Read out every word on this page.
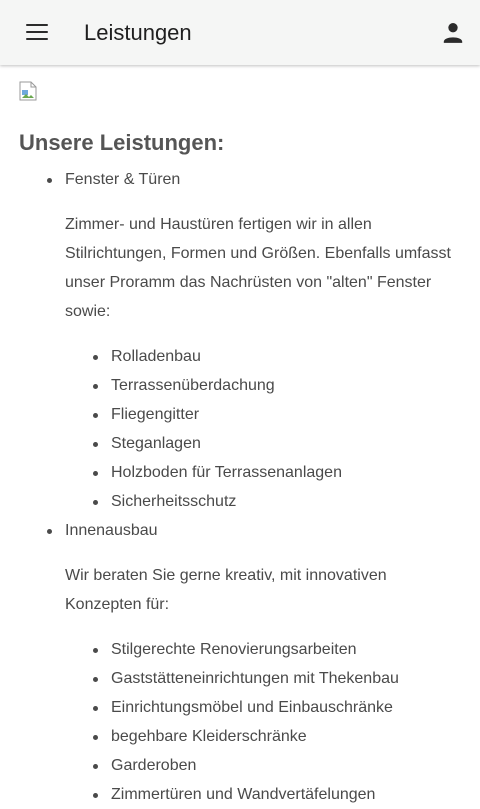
Leistungen
Unsere Leistungen:
Fenster & Türen
Zimmer- und Haustüren fertigen wir in allen Stilrichtungen, Formen und Größen. Ebenfalls umfasst unser Proramm das Nachrüsten von "alten" Fenster sowie:
Rolladenbau
Terrassenüberdachung
Fliegengitter
Steganlagen
Holzboden für Terrassenanlagen
Sicherheitsschutz
Innenausbau
Wir beraten Sie gerne kreativ, mit innovativen Konzepten für:
Stilgerechte Renovierungsarbeiten
Gaststätteneinrichtungen mit Thekenbau
Einrichtungsmöbel und Einbauschränke
begehbare Kleiderschränke
Garderoben
Zimmertüren und Wandvertäfelungen
